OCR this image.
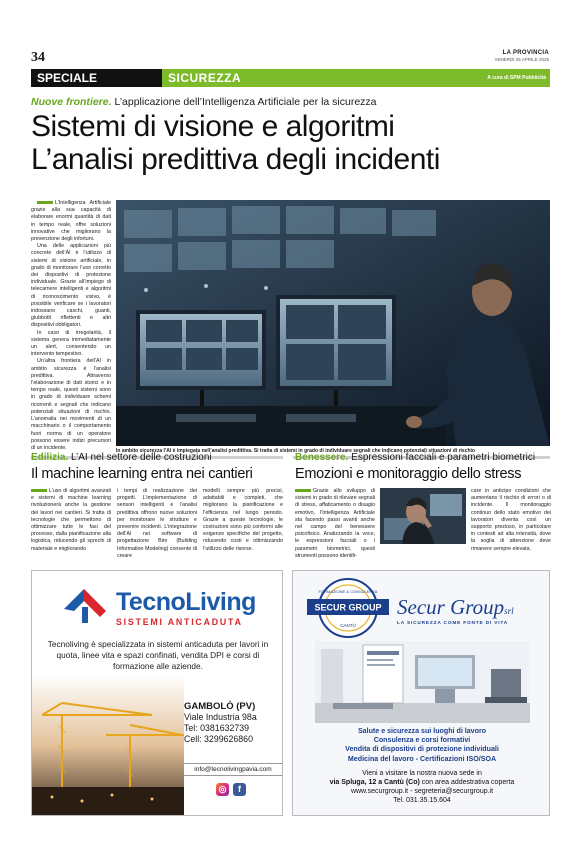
34	LA PROVINCIA
VENERDÌ 25 APRILE 2025
SPECIALE	SICUREZZA	A cura di SPM Pubblicità
Nuove frontiere. L’applicazione dell’Intelligenza Artificiale per la sicurezza
Sistemi di visione e algoritmi
L’analisi predittiva degli incidenti

L’Intelligenza Artificiale grazie alla sua capacità di elaborare enormi quantità di dati in tempo reale, offre soluzioni innovative che migliorano la prevenzione degli infortuni.

Una delle applicazioni più concrete dell’AI è l’utilizzo di sistemi di visione artificiale, in grado di monitorare l’uso corretto dei dispositivi di protezione individuale. Grazie all’impiego di telecamere intelligenti e algoritmi di riconoscimento visivo, è possibile verificare se i lavoratori indossano caschi, guanti, giubbotti riflettenti e altri dispositivi obbligatori.

In caso di irregolarità, il sistema genera immediatamente un alert, consentendo un intervento tempestivo.

Un’altra frontiera dell’AI in ambito sicurezza è l’analisi predittiva. Attraverso l’elaborazione di dati storici e in tempo reale, questi sistemi sono in grado di individuare schemi ricorrenti e segnali che indicano potenziali situazioni di rischio. L’anomalia nei movimenti di un macchinario o il comportamento fuori norma di un operatore possono essere indizi precursori di un incidente.

In ambito sicurezza l’AI è impiegata nell’analisi predittiva. Si tratta di sistemi in grado di individuare segnali che indicano potenziali situazioni di rischio
Edilizia. L’AI nel settore delle costruzioni
Il machine learning entra nei cantieri
L’uso di algoritmi avanzati e sistemi di machine learning rivoluzionerà anche la gestione dei lavori nei cantieri. Si tratta di tecnologie che permettono di ottimizzare tutte le fasi del processo, dalla pianificazione alla logistica, riducendo gli sprechi di materiale e migliorando
i tempi di realizzazione dei progetti. L’implementazione di sensori intelligenti e l’analisi predittiva offrono nuove soluzioni per monitorare le strutture e prevenire incidenti. L’integrazione dell’AI nei software di progettazione Bim (Building Information Modeling) consente di creare
modelli sempre più precisi, adattabili e completi, che migliorano la pianificazione e l’efficienza nel lungo periodo. Grazie a queste tecnologie, le costruzioni sono più conformi alle esigenze specifiche del progetto, riducendo costi e ottimizzando l’utilizzo delle risorse.
Benessere. Espressioni facciali e parametri biometrici
Emozioni e monitoraggio dello stress
Grazie allo sviluppo di sistemi in grado di rilevare segnali di stress, affaticamento o disagio emotivo, l’Intelligenza Artificiale sta facendo passi avanti anche nel campo del benessere psicofisico. Analizzando la voce, le espressioni facciali o i parametri biometrici, questi strumenti possono identifi-
care in anticipo condizioni che aumentano il rischio di errori o di incidente. Il monitoraggio continuo dello stato emotivo dei lavoratori diventa così un supporto prezioso, in particolare in contesti ad alta intensità, dove la soglia di attenzione deve rimanere sempre elevata.
TecnoLiving
SISTEMI ANTICADUTA
Tecnoliving è specializzata in sistemi anticaduta per lavori in quota, linee vita e spazi confinati, vendita DPI e corsi di formazione alle aziende.
GAMBOLÒ (PV)
Viale Industria 98a
Tel: 0381632739
Cell: 3299626860
info@tecnolivingpavia.com
◎	f
SECUR GROUP
FORMAZIONE & CONSULENZA
CANTÙ
Secur Groupsrl
LA SICUREZZA COME FONTE DI VITA
Salute e sicurezza sui luoghi di lavoro
Consulenza e corsi formativi
Vendita di dispositivi di protezione individuali
Medicina del lavoro - Certificazioni ISO/SOA
Vieni a visitare la nostra nuova sede in
via Spluga, 12 a Cantù (Co) con area addestrativa coperta
www.securgroup.it - segreteria@securgroup.it
Tel. 031.35.15.604
